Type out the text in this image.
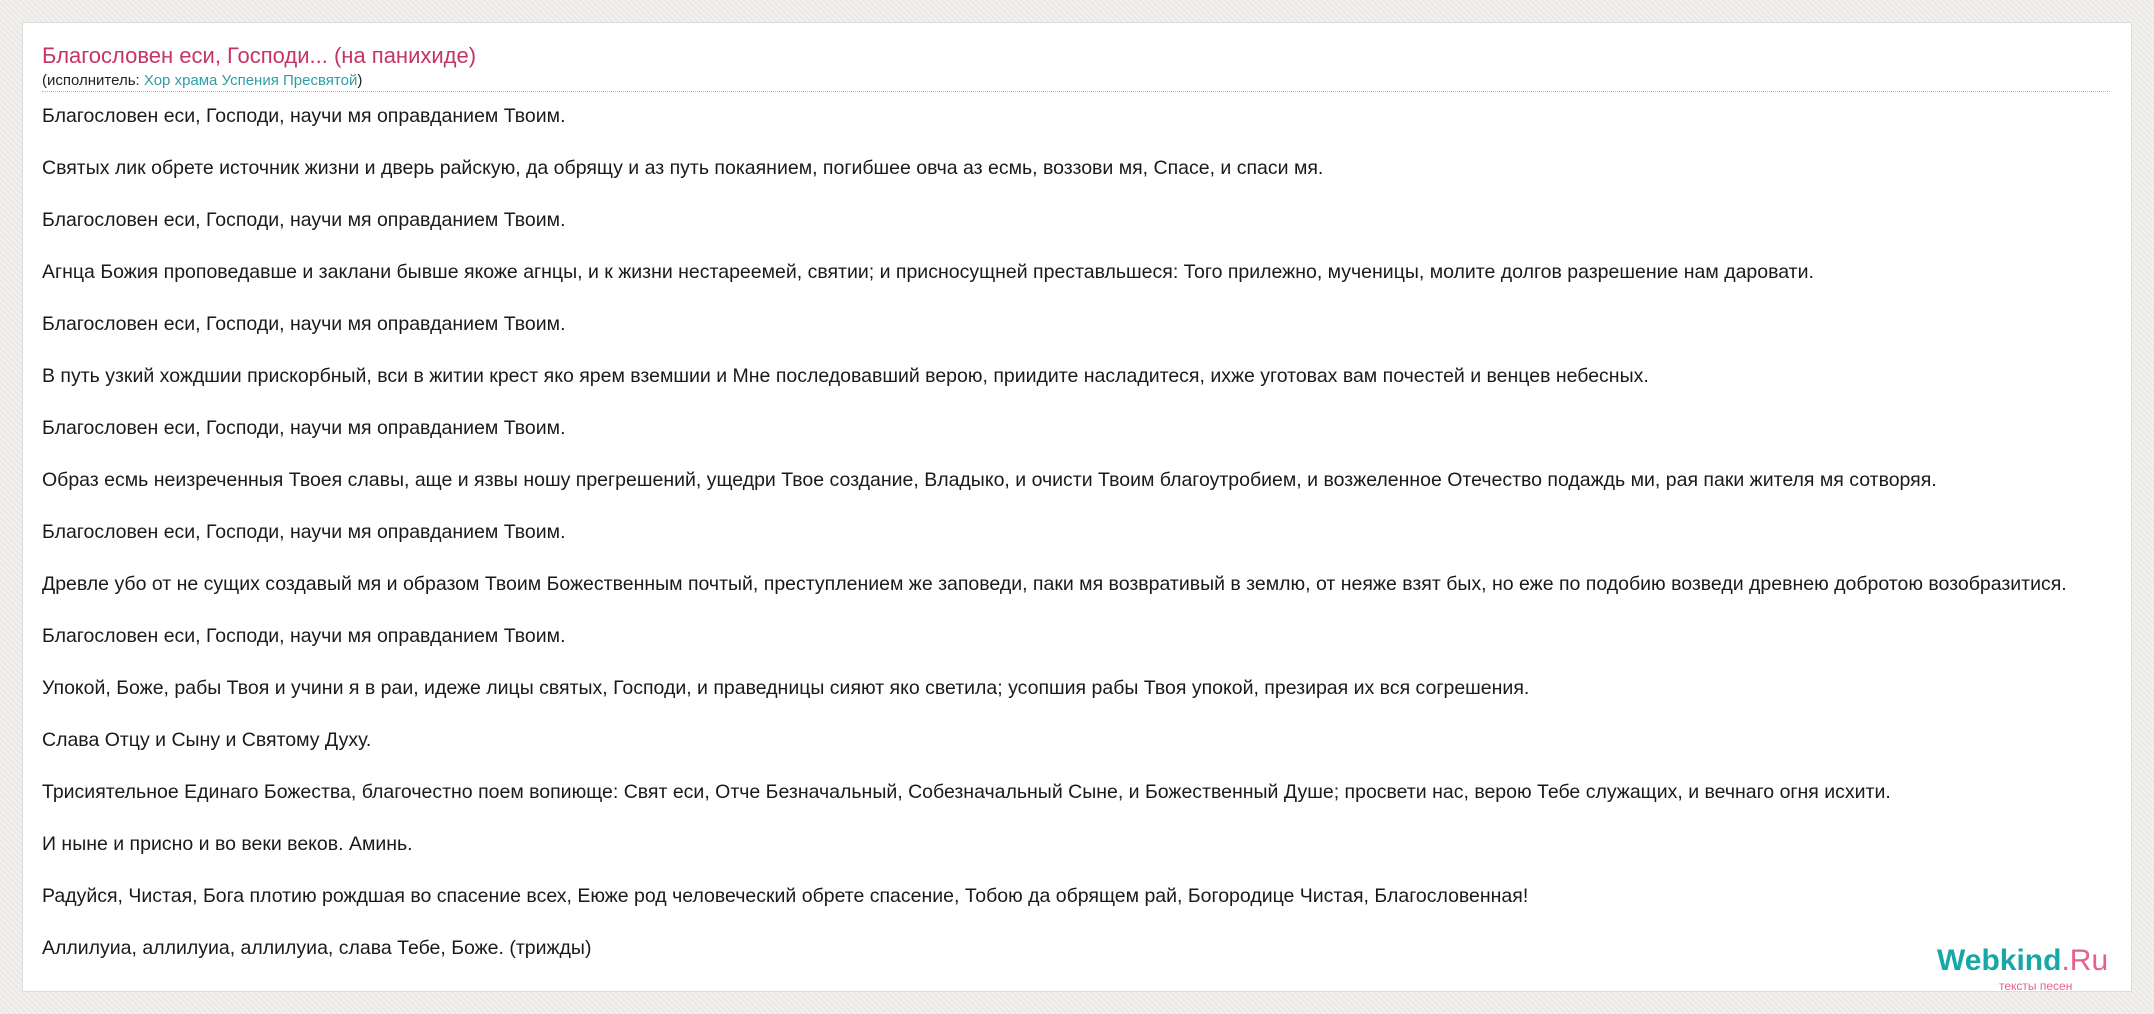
Благословен еси, Господи... (на панихиде)
(исполнитель: Хор храма Успения Пресвятой)

Благословен еси, Господи, научи мя оправданием Твоим.

Святых лик обрете источник жизни и дверь райскую, да обрящу и аз путь покаянием, погибшее овча аз есмь, воззови мя, Спасе, и спаси мя.

Благословен еси, Господи, научи мя оправданием Твоим.

Агнца Божия проповедавше и заклани бывше якоже агнцы, и к жизни нестареемей, святии; и присносущней преставльшеся: Того прилежно, мученицы, молите долгов разрешение нам даровати.

Благословен еси, Господи, научи мя оправданием Твоим.

В путь узкий хождшии прискорбный, вси в житии крест яко ярем вземшии и Мне последовавший верою, приидите насладитеся, ихже уготовах вам почестей и венцев небесных.

Благословен еси, Господи, научи мя оправданием Твоим.

Образ есмь неизреченныя Твоея славы, аще и язвы ношу прегрешений, ущедри Твое создание, Владыко, и очисти Твоим благоутробием, и возжеленное Отечество подаждь ми, рая паки жителя мя сотворяя.

Благословен еси, Господи, научи мя оправданием Твоим.

Древле убо от не сущих создавый мя и образом Твоим Божественным почтый, преступлением же заповеди, паки мя возвративый в землю, от неяже взят бых, но еже по подобию возведи древнею добротою возобразитися.

Благословен еси, Господи, научи мя оправданием Твоим.

Упокой, Боже, рабы Твоя и учини я в раи, идеже лицы святых, Господи, и праведницы сияют яко светила; усопшия рабы Твоя упокой, презирая их вся согрешения.

Слава Отцу и Сыну и Святому Духу.

Трисиятельное Единаго Божества, благочестно поем вопиюще: Свят еси, Отче Безначальный, Собезначальный Сыне, и Божественный Душе; просвети нас, верою Тебе служащих, и вечнаго огня исхити.

И ныне и присно и во веки веков. Аминь.

Радуйся, Чистая, Бога плотию рождшая во спасение всех, Еюже род человеческий обрете спасение, Тобою да обрящем рай, Богородице Чистая, Благословенная!

Аллилуиа, аллилуиа, аллилуиа, слава Тебе, Боже. (трижды)	Webkind.Ru
тексты песен
